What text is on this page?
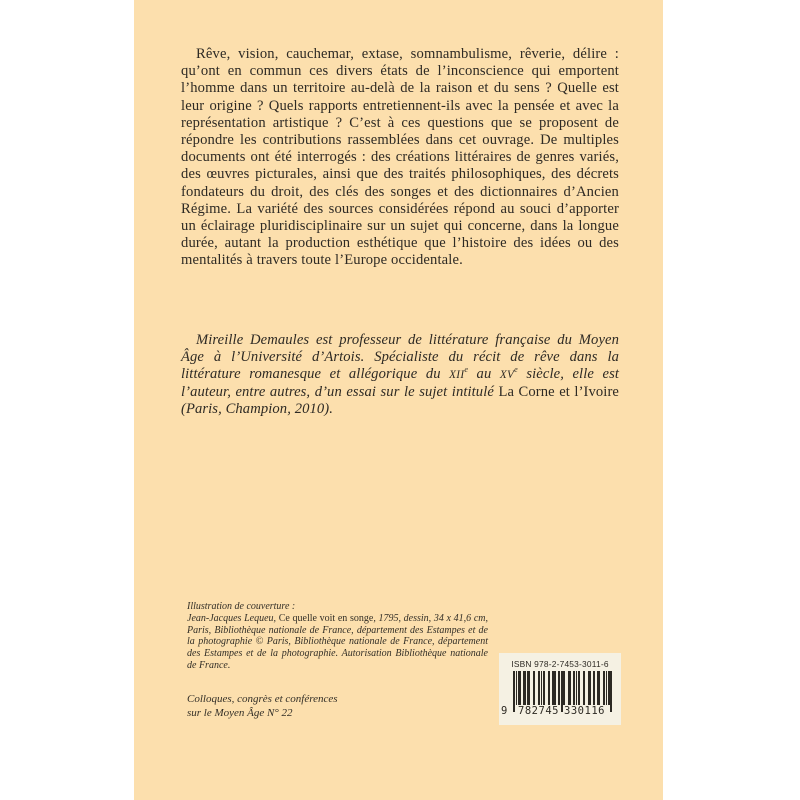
Rêve, vision, cauchemar, extase, somnambulisme, rêverie, délire : qu’ont en commun ces divers états de l’inconscience qui emportent l’homme dans un territoire au-delà de la raison et du sens ? Quelle est leur origine ? Quels rapports entretiennent-ils avec la pensée et avec la représentation artistique ? C’est à ces questions que se proposent de répondre les contributions rassemblées dans cet ouvrage. De multiples documents ont été interrogés : des créations littéraires de genres variés, des œuvres picturales, ainsi que des traités philosophiques, des décrets fondateurs du droit, des clés des songes et des dictionnaires d’Ancien Régime. La variété des sources considérées répond au souci d’apporter un éclairage pluridisciplinaire sur un sujet qui concerne, dans la longue durée, autant la production esthétique que l’histoire des idées ou des mentalités à travers toute l’Europe occidentale.

Mireille Demaules est professeur de littérature française du Moyen Âge à l’Université d’Artois. Spécialiste du récit de rêve dans la littérature romanesque et allégorique du XIIe au XVe siècle, elle est l’auteur, entre autres, d’un essai sur le sujet intitulé La Corne et l’Ivoire (Paris, Champion, 2010).

Illustration de couverture :
Jean-Jacques Lequeu, Ce quelle voit en songe, 1795, dessin, 34 x 41,6 cm, Paris, Bibliothèque nationale de France, département des Estampes et de la photographie © Paris, Bibliothèque nationale de France, département des Estampes et de la photographie. Autorisation Bibliothèque nationale de France.
Colloques, congrès et conférences
sur le Moyen Âge N° 22
ISBN 978-2-7453-3011-6
9 782745 330116
